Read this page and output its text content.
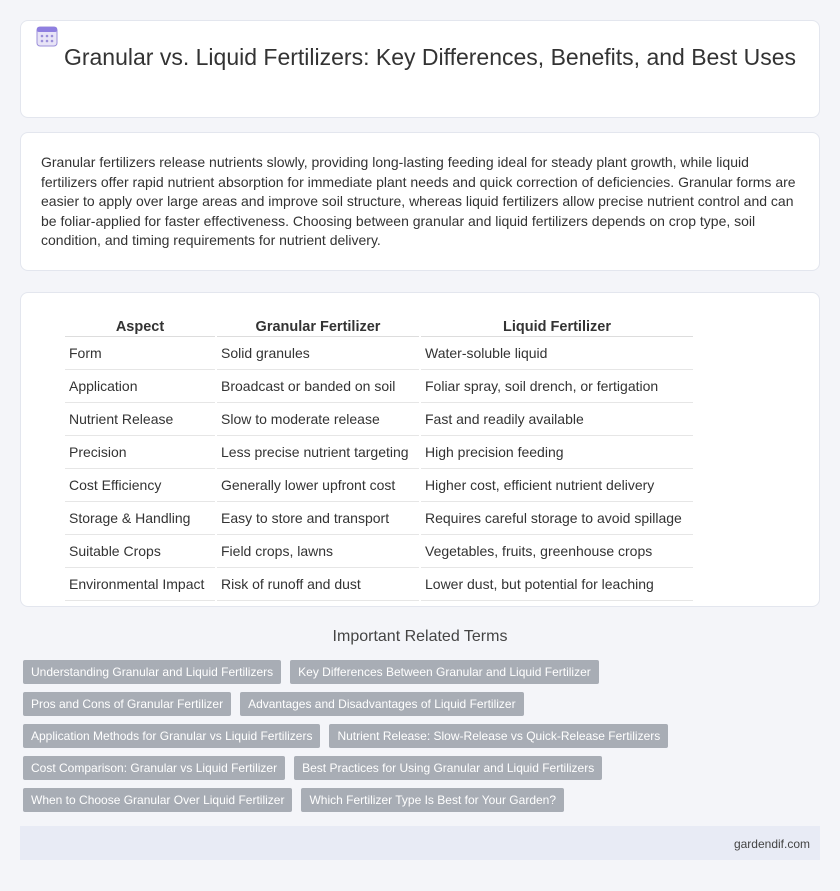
Granular vs. Liquid Fertilizers: Key Differences, Benefits, and Best Uses

Granular fertilizers release nutrients slowly, providing long-lasting feeding ideal for steady plant growth, while liquid fertilizers offer rapid nutrient absorption for immediate plant needs and quick correction of deficiencies. Granular forms are easier to apply over large areas and improve soil structure, whereas liquid fertilizers allow precise nutrient control and can be foliar-applied for faster effectiveness. Choosing between granular and liquid fertilizers depends on crop type, soil condition, and timing requirements for nutrient delivery.

Aspect	Granular Fertilizer	Liquid Fertilizer
Form	Solid granules	Water-soluble liquid
Application	Broadcast or banded on soil	Foliar spray, soil drench, or fertigation
Nutrient Release	Slow to moderate release	Fast and readily available
Precision	Less precise nutrient targeting	High precision feeding
Cost Efficiency	Generally lower upfront cost	Higher cost, efficient nutrient delivery
Storage & Handling	Easy to store and transport	Requires careful storage to avoid spillage
Suitable Crops	Field crops, lawns	Vegetables, fruits, greenhouse crops
Environmental Impact	Risk of runoff and dust	Lower dust, but potential for leaching
Important Related Terms
Understanding Granular and Liquid Fertilizers	Key Differences Between Granular and Liquid Fertilizer
Pros and Cons of Granular Fertilizer	Advantages and Disadvantages of Liquid Fertilizer
Application Methods for Granular vs Liquid Fertilizers	Nutrient Release: Slow-Release vs Quick-Release Fertilizers
Cost Comparison: Granular vs Liquid Fertilizer	Best Practices for Using Granular and Liquid Fertilizers
When to Choose Granular Over Liquid Fertilizer	Which Fertilizer Type Is Best for Your Garden?
gardendif.com
